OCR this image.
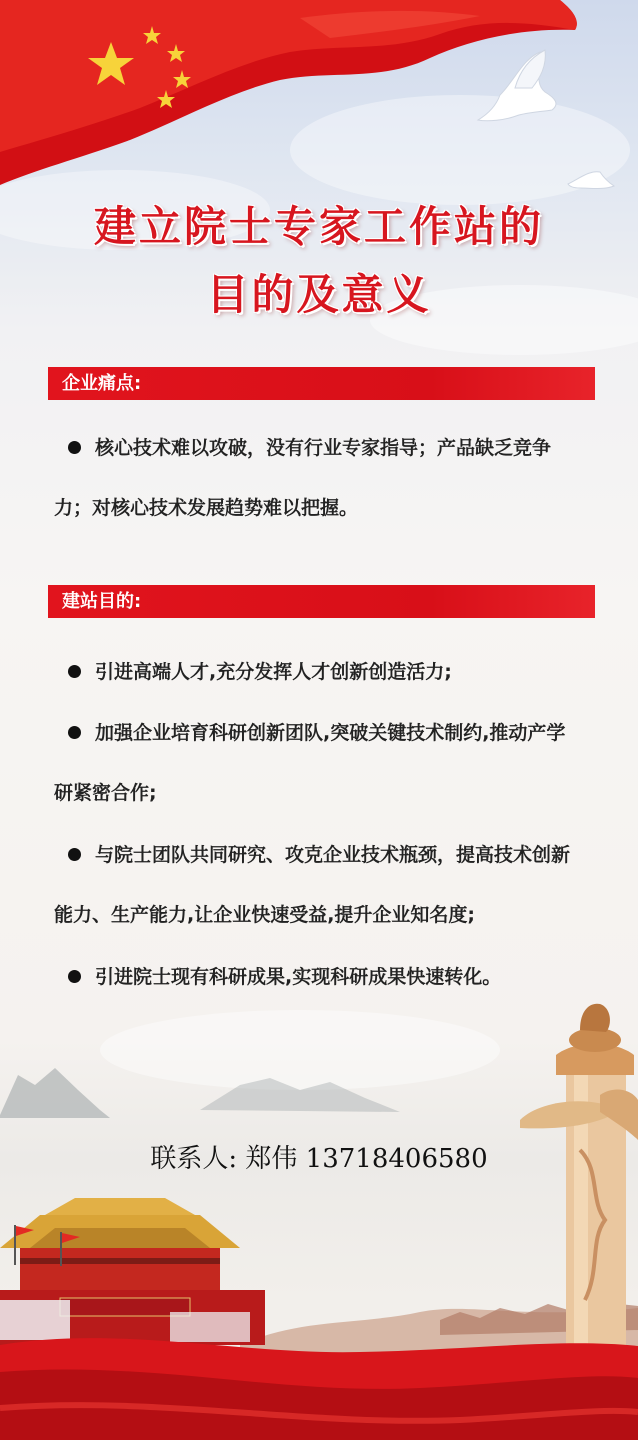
建立院士专家工作站的
目的及意义
企业痛点:

核心技术难以攻破，没有行业专家指导；产品缺乏竞争力；对核心技术发展趋势难以把握。

建站目的:

引进高端人才,充分发挥人才创新创造活力;

加强企业培育科研创新团队,突破关键技术制约,推动产学研紧密合作;

与院士团队共同研究、攻克企业技术瓶颈，提高技术创新能力、生产能力,让企业快速受益,提升企业知名度;

引进院士现有科研成果,实现科研成果快速转化。

联系人: 郑伟 13718406580
